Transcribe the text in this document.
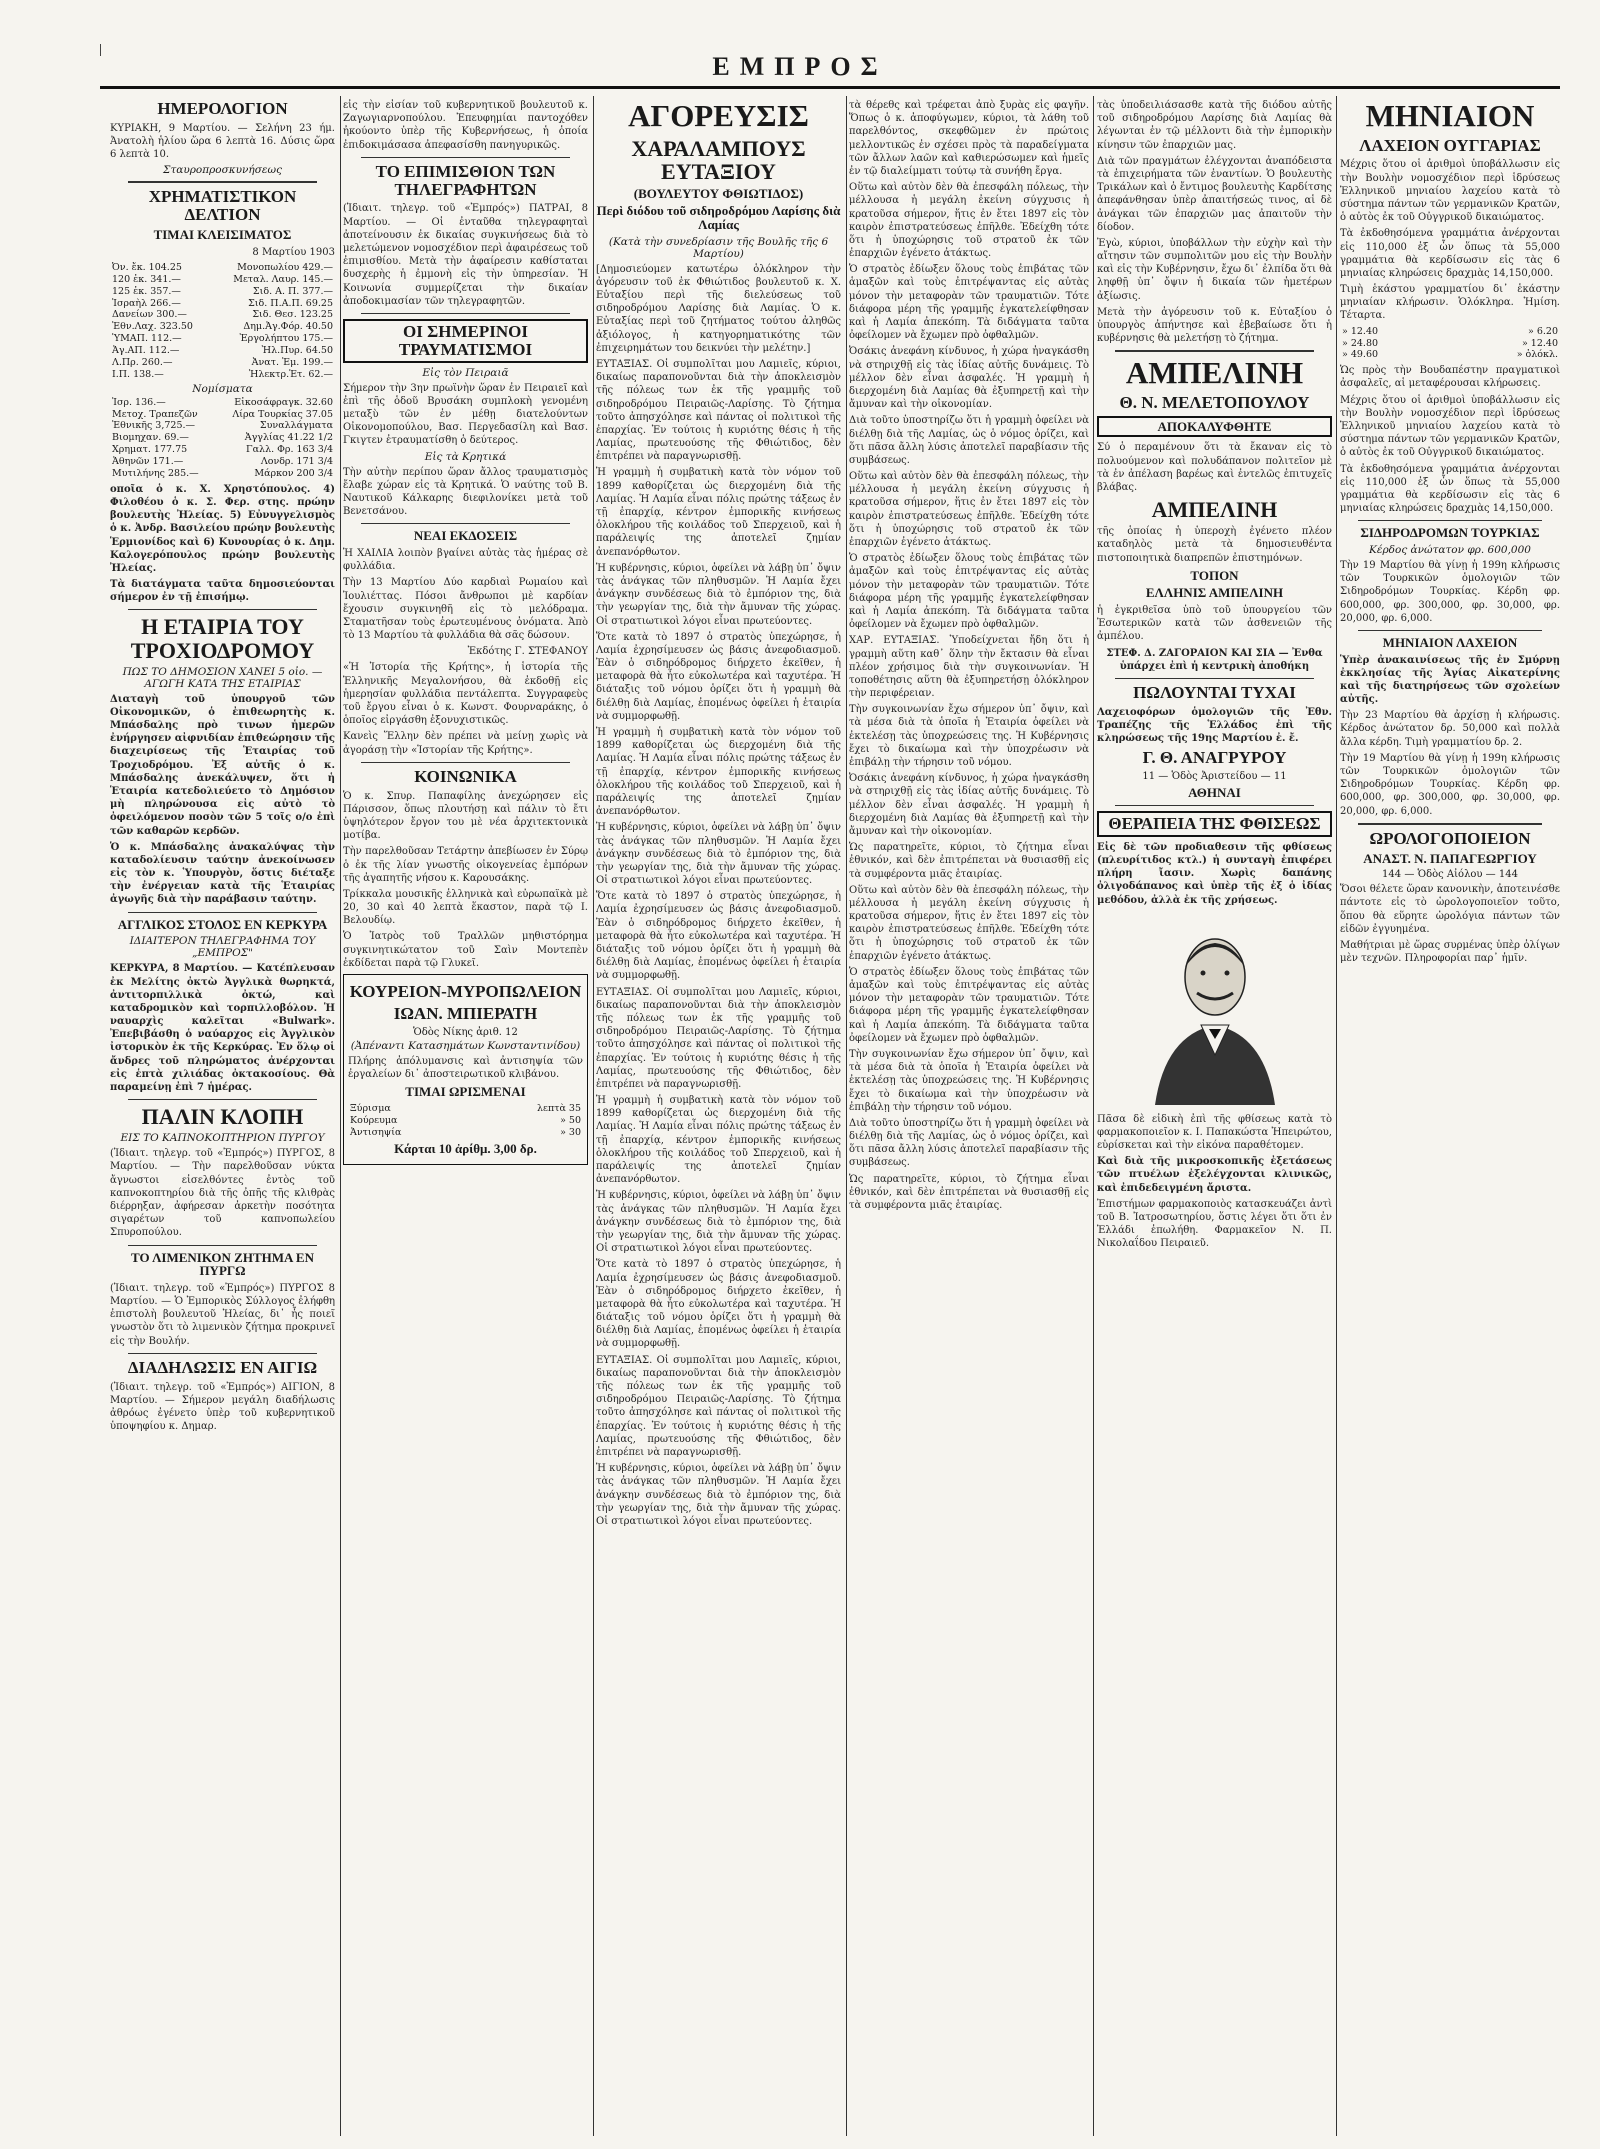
ΕΜΠΡΟΣ
ΗΜΕΡΟΛΟΓΙΟΝ
ΚΥΡΙΑΚΗ, 9 Μαρτίου. — Σελήνη 23 ήμ. Ἀνατολὴ ἡλίου ὥρα 6 λεπτὰ 16. Δύσις ὥρα 6 λεπτὰ 10.
Σταυροπροσκυνήσεως
ΧΡΗΜΑΤΙΣΤΙΚΟΝ ΔΕΛΤΙΟΝ
ΤΙΜΑΙ ΚΛΕΙΣΙΜΑΤΟΣ
8 Μαρτίου 1903
Ὀν. ἔκ. 104.25	Μονοπωλίου 429.—
120 ἐκ. 341.—	Μεταλ. Λαυρ. 145.—
125 ἐκ. 357.—	Σιδ. Α. Π. 377.—
Ἰσραὴλ 266.—	Σιδ. Π.Α.Π. 69.25
Δανείων 300.—	Σιδ. Θεσ. 123.25
Ἐθν.Λαχ. 323.50	Δημ.Ἀγ.Φόρ. 40.50
ὙΜΑΠ. 112.—	Ἐργολήπτου 175.—
Ἀγ.ΑΠ. 112.—	Ἠλ.Πυρ. 64.50
Λ.Πρ. 260.—	Ἀνατ. Ἐμ. 199.—
Ι.Π. 138.—	Ἠλεκτρ.Ἑτ. 62.—
Νομίσματα
Ἰσρ. 136.—	Εἰκοσάφραγκ. 32.60
Μετοχ. Τραπεζῶν	Λίρα Τουρκίας 37.05
Ἐθνικῆς 3,725.—	Συναλλάγματα
Βιομηχαν. 69.—	Ἀγγλίας 41.22 1/2
Χρηματ. 177.75	Γαλλ. Φρ. 163 3/4
Ἀθηνῶν 171.—	Λονδρ. 171 3/4
Μυτιλήνης 285.—	Μάρκον 200 3/4
οποῖα ὁ κ. Χ. Χρηστόπουλος. 4) Φιλοθέου ὁ κ. Σ. Φερ. στης. πρώην βουλευτὴς Ἠλείας. 5) Εὐνυγγελισμὸς ὁ κ. Ἀνδρ. Βασιλείου πρώην βουλευτὴς Ἑρμιονίδος καὶ 6) Κυνουρίας ὁ κ. Δημ. Καλογερόπουλος πρώην βουλευτὴς Ἠλείας.
Τὰ διατάγματα ταῦτα δημοσιεύονται σήμερον ἐν τῇ ἐπισήμῳ.
Η ΕΤΑΙΡΙΑ ΤΟΥ ΤΡΟΧΙΟΔΡΟΜΟΥ
ΠΩΣ ΤΟ ΔΗΜΟΣΙΟΝ ΧΑΝΕΙ 5 οἰο. — ΑΓΩΓΗ ΚΑΤΑ ΤΗΣ ΕΤΑΙΡΙΑΣ
Διαταγὴ τοῦ ὑπουργοῦ τῶν Οἰκονομικῶν, ὁ ἐπιθεωρητὴς κ. Μπάσδαλης πρὸ τινων ἡμερῶν ἐνήργησεν αἰφνιδίαν ἐπιθεώρησιν τῆς διαχειρίσεως τῆς Ἑταιρίας τοῦ Τροχιοδρόμου. Ἐξ αὐτῆς ὁ κ. Μπάσδαλης ἀνεκάλυψεν, ὅτι ἡ Ἑταιρία κατεδολιεύετο τὸ Δημόσιον μὴ πληρώνουσα εἰς αὐτὸ τὸ ὀφειλόμενον ποσὸν τῶν 5 τοῖς ο/ο ἐπὶ τῶν καθαρῶν κερδῶν.
Ὁ κ. Μπάσδαλης ἀνακαλύψας τὴν καταδολίευσιν ταύτην ἀνεκοίνωσεν εἰς τὸν κ. Ὑπουργὸν, ὅστις διέταξε τὴν ἐνέργειαν κατὰ τῆς Ἑταιρίας ἀγωγῆς διὰ τὴν παράβασιν ταύτην.
ΑΓΓΛΙΚΟΣ ΣΤΟΛΟΣ ΕΝ ΚΕΡΚΥΡΑ
ΙΔΙΑΙΤΕΡΟΝ ΤΗΛΕΓΡΑΦΗΜΑ ΤΟΥ „ΕΜΠΡΟΣ"
ΚΕΡΚΥΡΑ, 8 Μαρτίου. — Κατέπλευσαν ἐκ Μελίτης ὀκτὼ Ἀγγλικὰ θωρηκτά, ἀντιτορπιλλικὰ ὀκτώ, καὶ καταδρομικὸν καὶ τορπιλλοβόλον. Ἡ ναυαρχὶς καλεῖται «Bulwark». Ἐπεβιβάσθη ὁ ναύαρχος εἰς Ἀγγλικὸν ἰστορικὸν ἐκ τῆς Κερκύρας. Ἐν ὅλῳ οἱ ἄνδρες τοῦ πληρώματος ἀνέρχονται εἰς ἑπτὰ χιλιάδας ὀκτακοσίους. Θὰ παραμείνῃ ἐπὶ 7 ἡμέρας.
ΠΑΛΙΝ ΚΛΟΠΗ
ΕΙΣ ΤΟ ΚΑΠΝΟΚΟΠΤΗΡΙΟΝ ΠΥΡΓΟΥ
(Ἰδιαιτ. τηλεγρ. τοῦ «Ἐμπρός») ΠΥΡΓΟΣ, 8 Μαρτίου. — Τὴν παρελθοῦσαν νύκτα ἄγνωστοι εἰσελθόντες ἐντὸς τοῦ καπνοκοπτηρίου διὰ τῆς ὀπῆς τῆς κλιθρὰς διέρρηξαν, ἀφήρεσαν ἀρκετὴν ποσότητα σιγαρέτων τοῦ καπνοπωλείου Σπυροπούλου.
ΤΟ ΛΙΜΕΝΙΚΟΝ ΖΗΤΗΜΑ ΕΝ ΠΥΡΓΩ
(Ἰδιαιτ. τηλεγρ. τοῦ «Ἐμπρός») ΠΥΡΓΟΣ 8 Μαρτίου. — Ὁ Ἐμπορικὸς Σύλλογος ἐλήφθη ἐπιστολὴ βουλευτοῦ Ἠλείας, δι᾽ ἧς ποιεῖ γνωστὸν ὅτι τὸ λιμενικὸν ζήτημα προκρινεῖ εἰς τὴν Βουλήν.
ΔΙΑΔΗΛΩΣΙΣ ΕΝ ΑΙΓΙΩ
(Ἰδιαιτ. τηλεγρ. τοῦ «Ἐμπρός») ΑΙΓΙΟΝ, 8 Μαρτίου. — Σήμερον μεγάλη διαδήλωσις ἀθρόως ἐγένετο ὑπὲρ τοῦ κυβερνητικοῦ ὑποψηφίου κ. Δημαρ.
εἰς τὴν εἰσίαν τοῦ κυβερνητικοῦ βουλευτοῦ κ. Ζαγωγιαρνοπούλου. Ἐπευφημίαι παντοχόθεν ἠκούοντο ὑπὲρ τῆς Κυβερνήσεως, ἡ ὁποία ἐπιδοκιμάσασα ἀπεφασίσθη πανηγυρικῶς.
ΤΟ ΕΠΙΜΙΣΘΙΟΝ ΤΩΝ ΤΗΛΕΓΡΑΦΗΤΩΝ
(Ἰδιαιτ. τηλεγρ. τοῦ «Ἐμπρός») ΠΑΤΡΑΙ, 8 Μαρτίου. — Οἱ ἐνταῦθα τηλεγραφηταὶ ἀποτείνουσιν ἐκ δικαίας συγκινήσεως διὰ τὸ μελετώμενον νομοσχέδιον περὶ ἀφαιρέσεως τοῦ ἐπιμισθίου. Μετὰ τὴν ἀφαίρεσιν καθίσταται δυσχερὴς ἡ ἐμμονὴ εἰς τὴν ὑπηρεσίαν. Ἡ Κοινωνία συμμερίζεται τὴν δικαίαν ἀποδοκιμασίαν τῶν τηλεγραφητῶν.
ΟΙ ΣΗΜΕΡΙΝΟΙ ΤΡΑΥΜΑΤΙΣΜΟΙ
Εἰς τὸν Πειραιᾶ
Σήμερον τὴν 3ην πρωϊνὴν ὥραν ἐν Πειραιεῖ καὶ ἐπὶ τῆς ὁδοῦ Βρυσάκη συμπλοκὴ γενομένη μεταξὺ τῶν ἐν μέθῃ διατελούντων Οἰκονομοπούλου, Βασ. Περγεδασίλη καὶ Βασ. Γκιγτεν ἐτραυματίσθη ὁ δεύτερος.
Εἰς τὰ Κρητικά
Τὴν αὐτὴν περίπου ὥραν ἄλλος τραυματισμὸς ἔλαβε χώραν εἰς τὰ Κρητικά. Ὁ ναύτης τοῦ Β. Ναυτικοῦ Κάλκαρης διεφιλονίκει μετὰ τοῦ Βενετσάνου.
ΝΕΑΙ ΕΚΔΟΣΕΙΣ
Ἡ ΧΑΙΛΙΑ λοιπὸν βγαίνει αὐτὰς τὰς ἡμέρας σὲ φυλλάδια.
Τὴν 13 Μαρτίου Δύο καρδιαὶ Ρωμαίου καὶ Ἰουλιέττας. Πόσοι ἄνθρωποι μὲ καρδίαν ἔχουσιν συγκινηθῆ εἰς τὸ μελόδραμα. Σταματῆσαν τοὺς ἐρωτευμένους ὀνόματα. Ἀπὸ τὸ 13 Μαρτίου τὰ φυλλάδια θὰ σᾶς δώσουν.
Ἐκδότης Γ. ΣΤΕΦΑΝΟΥ
«Ἡ Ἱστορία τῆς Κρήτης», ἡ ἱστορία τῆς Ἑλληνικῆς Μεγαλονήσου, θὰ ἐκδοθῇ εἰς ἡμερησίαν φυλλάδια πεντάλεπτα. Συγγραφεὺς τοῦ ἔργου εἶναι ὁ κ. Κωνστ. Φουρναράκης, ὁ ὁποῖος εἰργάσθη ἐξονυχιστικῶς.
Κανεὶς Ἕλλην δὲν πρέπει νὰ μείνῃ χωρὶς νὰ ἀγοράσῃ τὴν «Ἱστορίαν τῆς Κρήτης».
ΚΟΙΝΩΝΙΚΑ
Ὁ κ. Σπυρ. Παπαφίλης ἀνεχώρησεν εἰς Πάρισσον, ὅπως πλουτήσῃ καὶ πάλιν τὸ ἔτι ὑψηλότερον ἔργον του μὲ νέα ἀρχιτεκτονικὰ μοτίβα.
Τὴν παρελθοῦσαν Τετάρτην ἀπεβίωσεν ἐν Σύρῳ ὁ ἐκ τῆς λίαν γνωστῆς οἰκογενείας ἐμπόρων τῆς ἀγαπητῆς νήσου κ. Καρουσάκης.
Τρίκκαλα μουσικῆς ἑλληνικὰ καὶ εὐρωπαϊκὰ μὲ 20, 30 καὶ 40 λεπτὰ ἕκαστον, παρὰ τῷ Ι. Βελουδίῳ.
Ὁ Ἰατρὸς τοῦ Τραλλῶν μηθιστόρημα συγκινητικώτατον τοῦ Σαὶν Μοντεπὲν ἐκδίδεται παρὰ τῷ Γλυκεῖ.
ΚΟΥΡΕΙΟΝ-ΜΥΡΟΠΩΛΕΙΟΝ
ΙΩΑΝ. ΜΠΙΕΡΑΤΗ
Ὁδὸς Νίκης ἀριθ. 12
(Ἀπέναντι Κατασημάτων Κωνσταντινίδου)
Πλήρης ἀπόλυμανσις καὶ ἀντισηψία τῶν ἐργαλείων δι᾽ ἀποστειρωτικοῦ κλιβάνου.
ΤΙΜΑΙ ΩΡΙΣΜΕΝΑΙ
Ξύρισμα	λεπτὰ 35
Κούρευμα	» 50
Ἀντισηψία	» 30
Κάρται 10 ἀρίθμ. 3,00 δρ.
ΑΓΟΡΕΥΣΙΣ
ΧΑΡΑΛΑΜΠΟΥΣ ΕΥΤΑΞΙΟΥ
(ΒΟΥΛΕΥΤΟΥ ΦΘΙΩΤΙΔΟΣ)
Περὶ διόδου τοῦ σιδηροδρόμου Λαρίσης διὰ Λαμίας
(Κατὰ τὴν συνεδρίασιν τῆς Βουλῆς τῆς 6 Μαρτίου)
[Δημοσιεύομεν κατωτέρω ὁλόκληρον τὴν ἀγόρευσιν τοῦ ἐκ Φθιώτιδος βουλευτοῦ κ. Χ. Εὐταξίου περὶ τῆς διελεύσεως τοῦ σιδηροδρόμου Λαρίσης διὰ Λαμίας. Ὁ κ. Εὐταξίας περὶ τοῦ ζητήματος τούτου ἀληθῶς ἀξιόλογος, ἡ κατηγορηματικότης τῶν ἐπιχειρημάτων του δεικνύει τὴν μελέτην.]
ΕΥΤΑΞΙΑΣ. Οἱ συμπολῖται μου Λαμιεῖς, κύριοι, δικαίως παραπονοῦνται διὰ τὴν ἀποκλεισμὸν τῆς πόλεως των ἐκ τῆς γραμμῆς τοῦ σιδηροδρόμου Πειραιῶς-Λαρίσης. Τὸ ζήτημα τοῦτο ἀπησχόλησε καὶ πάντας οἱ πολιτικοὶ τῆς ἐπαρχίας. Ἐν τούτοις ἡ κυριότης θέσις ἡ τῆς Λαμίας, πρωτευούσης τῆς Φθιώτιδος, δὲν ἐπιτρέπει νὰ παραγνωρισθῇ.
Ἡ γραμμὴ ἡ συμβατικὴ κατὰ τὸν νόμον τοῦ 1899 καθορίζεται ὡς διερχομένη διὰ τῆς Λαμίας. Ἡ Λαμία εἶναι πόλις πρώτης τάξεως ἐν τῇ ἐπαρχίᾳ, κέντρον ἐμπορικῆς κινήσεως ὁλοκλήρου τῆς κοιλάδος τοῦ Σπερχειοῦ, καὶ ἡ παράλειψίς της ἀποτελεῖ ζημίαν ἀνεπανόρθωτον.
Ἡ κυβέρνησις, κύριοι, ὀφείλει νὰ λάβῃ ὑπ᾽ ὄψιν τὰς ἀνάγκας τῶν πληθυσμῶν. Ἡ Λαμία ἔχει ἀνάγκην συνδέσεως διὰ τὸ ἐμπόριον της, διὰ τὴν γεωργίαν της, διὰ τὴν ἄμυναν τῆς χώρας. Οἱ στρατιωτικοὶ λόγοι εἶναι πρωτεύοντες.
Ὅτε κατὰ τὸ 1897 ὁ στρατὸς ὑπεχώρησε, ἡ Λαμία ἐχρησίμευσεν ὡς βάσις ἀνεφοδιασμοῦ. Ἐὰν ὁ σιδηρόδρομος διήρχετο ἐκεῖθεν, ἡ μεταφορὰ θὰ ἦτο εὐκολωτέρα καὶ ταχυτέρα. Ἡ διάταξις τοῦ νόμου ὁρίζει ὅτι ἡ γραμμὴ θὰ διέλθῃ διὰ Λαμίας, ἐπομένως ὀφείλει ἡ ἑταιρία νὰ συμμορφωθῇ.
Ἡ γραμμὴ ἡ συμβατικὴ κατὰ τὸν νόμον τοῦ 1899 καθορίζεται ὡς διερχομένη διὰ τῆς Λαμίας. Ἡ Λαμία εἶναι πόλις πρώτης τάξεως ἐν τῇ ἐπαρχίᾳ, κέντρον ἐμπορικῆς κινήσεως ὁλοκλήρου τῆς κοιλάδος τοῦ Σπερχειοῦ, καὶ ἡ παράλειψίς της ἀποτελεῖ ζημίαν ἀνεπανόρθωτον.
Ἡ κυβέρνησις, κύριοι, ὀφείλει νὰ λάβῃ ὑπ᾽ ὄψιν τὰς ἀνάγκας τῶν πληθυσμῶν. Ἡ Λαμία ἔχει ἀνάγκην συνδέσεως διὰ τὸ ἐμπόριον της, διὰ τὴν γεωργίαν της, διὰ τὴν ἄμυναν τῆς χώρας. Οἱ στρατιωτικοὶ λόγοι εἶναι πρωτεύοντες.
Ὅτε κατὰ τὸ 1897 ὁ στρατὸς ὑπεχώρησε, ἡ Λαμία ἐχρησίμευσεν ὡς βάσις ἀνεφοδιασμοῦ. Ἐὰν ὁ σιδηρόδρομος διήρχετο ἐκεῖθεν, ἡ μεταφορὰ θὰ ἦτο εὐκολωτέρα καὶ ταχυτέρα. Ἡ διάταξις τοῦ νόμου ὁρίζει ὅτι ἡ γραμμὴ θὰ διέλθῃ διὰ Λαμίας, ἐπομένως ὀφείλει ἡ ἑταιρία νὰ συμμορφωθῇ.
ΕΥΤΑΞΙΑΣ. Οἱ συμπολῖται μου Λαμιεῖς, κύριοι, δικαίως παραπονοῦνται διὰ τὴν ἀποκλεισμὸν τῆς πόλεως των ἐκ τῆς γραμμῆς τοῦ σιδηροδρόμου Πειραιῶς-Λαρίσης. Τὸ ζήτημα τοῦτο ἀπησχόλησε καὶ πάντας οἱ πολιτικοὶ τῆς ἐπαρχίας. Ἐν τούτοις ἡ κυριότης θέσις ἡ τῆς Λαμίας, πρωτευούσης τῆς Φθιώτιδος, δὲν ἐπιτρέπει νὰ παραγνωρισθῇ.
Ἡ γραμμὴ ἡ συμβατικὴ κατὰ τὸν νόμον τοῦ 1899 καθορίζεται ὡς διερχομένη διὰ τῆς Λαμίας. Ἡ Λαμία εἶναι πόλις πρώτης τάξεως ἐν τῇ ἐπαρχίᾳ, κέντρον ἐμπορικῆς κινήσεως ὁλοκλήρου τῆς κοιλάδος τοῦ Σπερχειοῦ, καὶ ἡ παράλειψίς της ἀποτελεῖ ζημίαν ἀνεπανόρθωτον.
Ἡ κυβέρνησις, κύριοι, ὀφείλει νὰ λάβῃ ὑπ᾽ ὄψιν τὰς ἀνάγκας τῶν πληθυσμῶν. Ἡ Λαμία ἔχει ἀνάγκην συνδέσεως διὰ τὸ ἐμπόριον της, διὰ τὴν γεωργίαν της, διὰ τὴν ἄμυναν τῆς χώρας. Οἱ στρατιωτικοὶ λόγοι εἶναι πρωτεύοντες.
Ὅτε κατὰ τὸ 1897 ὁ στρατὸς ὑπεχώρησε, ἡ Λαμία ἐχρησίμευσεν ὡς βάσις ἀνεφοδιασμοῦ. Ἐὰν ὁ σιδηρόδρομος διήρχετο ἐκεῖθεν, ἡ μεταφορὰ θὰ ἦτο εὐκολωτέρα καὶ ταχυτέρα. Ἡ διάταξις τοῦ νόμου ὁρίζει ὅτι ἡ γραμμὴ θὰ διέλθῃ διὰ Λαμίας, ἐπομένως ὀφείλει ἡ ἑταιρία νὰ συμμορφωθῇ.
ΕΥΤΑΞΙΑΣ. Οἱ συμπολῖται μου Λαμιεῖς, κύριοι, δικαίως παραπονοῦνται διὰ τὴν ἀποκλεισμὸν τῆς πόλεως των ἐκ τῆς γραμμῆς τοῦ σιδηροδρόμου Πειραιῶς-Λαρίσης. Τὸ ζήτημα τοῦτο ἀπησχόλησε καὶ πάντας οἱ πολιτικοὶ τῆς ἐπαρχίας. Ἐν τούτοις ἡ κυριότης θέσις ἡ τῆς Λαμίας, πρωτευούσης τῆς Φθιώτιδος, δὲν ἐπιτρέπει νὰ παραγνωρισθῇ.
Ἡ κυβέρνησις, κύριοι, ὀφείλει νὰ λάβῃ ὑπ᾽ ὄψιν τὰς ἀνάγκας τῶν πληθυσμῶν. Ἡ Λαμία ἔχει ἀνάγκην συνδέσεως διὰ τὸ ἐμπόριον της, διὰ τὴν γεωργίαν της, διὰ τὴν ἄμυναν τῆς χώρας. Οἱ στρατιωτικοὶ λόγοι εἶναι πρωτεύοντες.
τὰ θέρεθς καὶ τρέφεται ἀπὸ ξυρὰς εἰς φαγῆν. Ὅπως ὁ κ. ἀποφύγωμεν, κύριοι, τὰ λάθη τοῦ παρελθόντος, σκεφθῶμεν ἐν πρώτοις μελλοντικῶς ἐν σχέσει πρὸς τὰ παραδείγματα τῶν ἄλλων λαῶν καὶ καθιερώσωμεν καὶ ἡμεῖς ἐν τῷ διαλείμματι τούτῳ τὰ συνήθη ἔργα.
Οὕτω καὶ αὐτὸν δὲν θὰ ἐπεσφάλη πόλεως, τὴν μέλλουσα ἡ μεγάλη ἐκείνη σύγχυσις ἡ κρατοῦσα σήμερον, ἥτις ἐν ἔτει 1897 εἰς τὸν καιρὸν ἐπιστρατεύσεως ἐπῆλθε. Ἐδείχθη τότε ὅτι ἡ ὑποχώρησις τοῦ στρατοῦ ἐκ τῶν ἐπαρχιῶν ἐγένετο ἀτάκτως.
Ὁ στρατὸς ἐδίωξεν ὅλους τοὺς ἐπιβάτας τῶν ἁμαξῶν καὶ τοὺς ἐπιτρέψαντας εἰς αὐτὰς μόνον τὴν μεταφορὰν τῶν τραυματιῶν. Τότε διάφορα μέρη τῆς γραμμῆς ἐγκατελείφθησαν καὶ ἡ Λαμία ἀπεκόπη. Τὰ διδάγματα ταῦτα ὀφείλομεν νὰ ἔχωμεν πρὸ ὀφθαλμῶν.
Ὀσάκις ἀνεφάνη κίνδυνος, ἡ χώρα ἠναγκάσθη νὰ στηριχθῇ εἰς τὰς ἰδίας αὐτῆς δυνάμεις. Τὸ μέλλον δὲν εἶναι ἀσφαλές. Ἡ γραμμὴ ἡ διερχομένη διὰ Λαμίας θὰ ἐξυπηρετῇ καὶ τὴν ἄμυναν καὶ τὴν οἰκονομίαν.
Διὰ τοῦτο ὑποστηρίζω ὅτι ἡ γραμμὴ ὀφείλει νὰ διέλθῃ διὰ τῆς Λαμίας, ὡς ὁ νόμος ὁρίζει, καὶ ὅτι πᾶσα ἄλλη λύσις ἀποτελεῖ παραβίασιν τῆς συμβάσεως.
Οὕτω καὶ αὐτὸν δὲν θὰ ἐπεσφάλη πόλεως, τὴν μέλλουσα ἡ μεγάλη ἐκείνη σύγχυσις ἡ κρατοῦσα σήμερον, ἥτις ἐν ἔτει 1897 εἰς τὸν καιρὸν ἐπιστρατεύσεως ἐπῆλθε. Ἐδείχθη τότε ὅτι ἡ ὑποχώρησις τοῦ στρατοῦ ἐκ τῶν ἐπαρχιῶν ἐγένετο ἀτάκτως.
Ὁ στρατὸς ἐδίωξεν ὅλους τοὺς ἐπιβάτας τῶν ἁμαξῶν καὶ τοὺς ἐπιτρέψαντας εἰς αὐτὰς μόνον τὴν μεταφορὰν τῶν τραυματιῶν. Τότε διάφορα μέρη τῆς γραμμῆς ἐγκατελείφθησαν καὶ ἡ Λαμία ἀπεκόπη. Τὰ διδάγματα ταῦτα ὀφείλομεν νὰ ἔχωμεν πρὸ ὀφθαλμῶν.
ΧΑΡ. ΕΥΤΑΞΙΑΣ. Ὑποδείχνεται ἤδη ὅτι ἡ γραμμὴ αὕτη καθ᾽ ὅλην τὴν ἔκτασιν θὰ εἶναι πλέον χρήσιμος διὰ τὴν συγκοινωνίαν. Ἡ τοποθέτησις αὕτη θὰ ἐξυπηρετήσῃ ὁλόκληρον τὴν περιφέρειαν.
Τὴν συγκοινωνίαν ἔχω σήμερον ὑπ᾽ ὄψιν, καὶ τὰ μέσα διὰ τὰ ὁποῖα ἡ Ἑταιρία ὀφείλει νὰ ἐκτελέσῃ τὰς ὑποχρεώσεις της. Ἡ Κυβέρνησις ἔχει τὸ δικαίωμα καὶ τὴν ὑποχρέωσιν νὰ ἐπιβάλῃ τὴν τήρησιν τοῦ νόμου.
Ὀσάκις ἀνεφάνη κίνδυνος, ἡ χώρα ἠναγκάσθη νὰ στηριχθῇ εἰς τὰς ἰδίας αὐτῆς δυνάμεις. Τὸ μέλλον δὲν εἶναι ἀσφαλές. Ἡ γραμμὴ ἡ διερχομένη διὰ Λαμίας θὰ ἐξυπηρετῇ καὶ τὴν ἄμυναν καὶ τὴν οἰκονομίαν.
Ὡς παρατηρεῖτε, κύριοι, τὸ ζήτημα εἶναι ἐθνικόν, καὶ δὲν ἐπιτρέπεται νὰ θυσιασθῇ εἰς τὰ συμφέροντα μιᾶς ἑταιρίας.
Οὕτω καὶ αὐτὸν δὲν θὰ ἐπεσφάλη πόλεως, τὴν μέλλουσα ἡ μεγάλη ἐκείνη σύγχυσις ἡ κρατοῦσα σήμερον, ἥτις ἐν ἔτει 1897 εἰς τὸν καιρὸν ἐπιστρατεύσεως ἐπῆλθε. Ἐδείχθη τότε ὅτι ἡ ὑποχώρησις τοῦ στρατοῦ ἐκ τῶν ἐπαρχιῶν ἐγένετο ἀτάκτως.
Ὁ στρατὸς ἐδίωξεν ὅλους τοὺς ἐπιβάτας τῶν ἁμαξῶν καὶ τοὺς ἐπιτρέψαντας εἰς αὐτὰς μόνον τὴν μεταφορὰν τῶν τραυματιῶν. Τότε διάφορα μέρη τῆς γραμμῆς ἐγκατελείφθησαν καὶ ἡ Λαμία ἀπεκόπη. Τὰ διδάγματα ταῦτα ὀφείλομεν νὰ ἔχωμεν πρὸ ὀφθαλμῶν.
Τὴν συγκοινωνίαν ἔχω σήμερον ὑπ᾽ ὄψιν, καὶ τὰ μέσα διὰ τὰ ὁποῖα ἡ Ἑταιρία ὀφείλει νὰ ἐκτελέσῃ τὰς ὑποχρεώσεις της. Ἡ Κυβέρνησις ἔχει τὸ δικαίωμα καὶ τὴν ὑποχρέωσιν νὰ ἐπιβάλῃ τὴν τήρησιν τοῦ νόμου.
Διὰ τοῦτο ὑποστηρίζω ὅτι ἡ γραμμὴ ὀφείλει νὰ διέλθῃ διὰ τῆς Λαμίας, ὡς ὁ νόμος ὁρίζει, καὶ ὅτι πᾶσα ἄλλη λύσις ἀποτελεῖ παραβίασιν τῆς συμβάσεως.
Ὡς παρατηρεῖτε, κύριοι, τὸ ζήτημα εἶναι ἐθνικόν, καὶ δὲν ἐπιτρέπεται νὰ θυσιασθῇ εἰς τὰ συμφέροντα μιᾶς ἑταιρίας.
τὰς ὑποδειλιάσασθε κατὰ τῆς διόδου αὐτῆς τοῦ σιδηροδρόμου Λαρίσης διὰ Λαμίας θὰ λέγωνται ἐν τῷ μέλλοντι διὰ τὴν ἐμπορικὴν κίνησιν τῶν ἐπαρχιῶν μας.
Διὰ τῶν πραγμάτων ἐλέγχονται ἀναπόδειστα τὰ ἐπιχειρήματα τῶν ἐναντίων. Ὁ βουλευτὴς Τρικάλων καὶ ὁ ἔντιμος βουλευτὴς Καρδίτσης ἀπεφάνθησαν ὑπὲρ ἀπαιτήσεώς τινος, αἱ δὲ ἀνάγκαι τῶν ἐπαρχιῶν μας ἀπαιτοῦν τὴν δίοδον.
Ἐγὼ, κύριοι, ὑποβάλλων τὴν εὐχὴν καὶ τὴν αἴτησιν τῶν συμπολιτῶν μου εἰς τὴν Βουλὴν καὶ εἰς τὴν Κυβέρνησιν, ἔχω δι᾽ ἐλπίδα ὅτι θὰ ληφθῇ ὑπ᾽ ὄψιν ἡ δικαία τῶν ἡμετέρων ἀξίωσις.
Μετὰ τὴν ἀγόρευσιν τοῦ κ. Εὐταξίου ὁ ὑπουργὸς ἀπήντησε καὶ ἐβεβαίωσε ὅτι ἡ κυβέρνησις θὰ μελετήσῃ τὸ ζήτημα.
ΑΜΠΕΛΙΝΗ
Θ. Ν. ΜΕΛΕΤΟΠΟΥΛΟΥ
ΑΠΟΚΑΛΥΦΘΗΤΕ
Σύ ὁ περαμένουν ὅτι τὰ ἔκαναν εἰς τὸ πολυούμενον καὶ πολυδάπανον πολιτεῖον μὲ τὰ ἐν ἀπέλαση βαρέως καὶ ἐντελῶς ἐπιτυχεῖς βλάβας.
ΑΜΠΕΛΙΝΗ
τῆς ὁποίας ἡ ὑπεροχὴ ἐγένετο πλέον καταδηλὸς μετὰ τὰ δημοσιευθέντα πιστοποιητικὰ διαπρεπῶν ἐπιστημόνων.
ΤΟΠΟΝ
ΕΛΛΗΝΙΣ ΑΜΠΕΛΙΝΗ
ἡ ἐγκριθεῖσα ὑπὸ τοῦ ὑπουργείου τῶν Ἐσωτερικῶν κατὰ τῶν ἀσθενειῶν τῆς ἀμπέλου.
ΣΤΕΦ. Δ. ΖΑΓΟΡΑΙΟΝ ΚΑΙ ΣΙΑ — Ἐνθα ὑπάρχει ἐπὶ ἡ κεντρικὴ ἀποθήκη
ΠΩΛΟΥΝΤΑΙ ΤΥΧΑΙ
Λαχειοφόρων ὁμολογιῶν τῆς Ἐθν. Τραπέζης τῆς Ἑλλάδος ἐπὶ τῆς κληρώσεως τῆς 19ης Μαρτίου ἐ. ἔ.
Γ. Θ. ΑΝΑΓΡΥΡΟΥ
11 — Ὁδὸς Ἀριστείδου — 11
ΑΘΗΝΑΙ
ΘΕΡΑΠΕΙΑ ΤΗΣ ΦΘΙΣΕΩΣ
Εἰς δὲ τῶν προδιαθεσιν τῆς φθίσεως (πλευρίτιδος κτλ.) ἡ συνταγὴ ἐπιφέρει πλήρη ἴασιν. Χωρὶς δαπάνης ὀλιγοδάπανος καὶ ὑπὲρ τῆς ἐξ ὁ ἰδίας μεθόδου, ἀλλὰ ἐκ τῆς χρήσεως.
Πᾶσα δὲ εἰδικὴ ἐπὶ τῆς φθίσεως κατὰ τὸ φαρμακοποιεῖον κ. Ι. Παπακώστα Ἠπειρώτου, εὑρίσκεται καὶ τὴν εἰκόνα παραθέτομεν.
Καὶ διὰ τῆς μικροσκοπικῆς ἐξετάσεως τῶν πτυέλων ἐξελέγχονται κλινικῶς, καὶ ἐπιδεδειγμένη ἄριστα.
Ἐπιστήμων φαρμακοποιὸς κατασκευάζει ἀντὶ τοῦ Β. Ἰατροσωτηρίου, ὅστις λέγει ὅτι ὅτι ἐν Ἑλλάδι ἐπωλήθη. Φαρμακεῖον Ν. Π. Νικολαΐδου Πειραιεῦ.
ΜΗΝΙΑΙΟΝ
ΛΑΧΕΙΟΝ ΟΥΓΓΑΡΙΑΣ
Μέχρις ὅτου οἱ ἀριθμοὶ ὑποβάλλωσιν εἰς τὴν Βουλὴν νομοσχέδιον περὶ ἱδρύσεως Ἑλληνικοῦ μηνιαίου λαχείου κατὰ τὸ σύστημα πάντων τῶν γερμανικῶν Κρατῶν, ὁ αὐτὸς ἐκ τοῦ Οὐγγρικοῦ δικαιώματος.
Τὰ ἐκδοθησόμενα γραμμάτια ἀνέρχονται εἰς 110,000 ἐξ ὧν ὅπως τὰ 55,000 γραμμάτια θὰ κερδίσωσιν εἰς τὰς 6 μηνιαίας κληρώσεις δραχμὰς 14,150,000.
Τιμὴ ἑκάστου γραμματίου δι᾽ ἑκάστην μηνιαίαν κλήρωσιν. Ὁλόκληρα. Ἡμίση. Τέταρτα.
» 12.40	» 6.20
» 24.80	» 12.40
» 49.60	» ὁλόκλ.
Ὡς πρὸς τὴν Βουδαπέστην πραγματικοὶ ἀσφαλεῖς, αἱ μεταφέρουσαι κλήρωσεις.
Μέχρις ὅτου οἱ ἀριθμοὶ ὑποβάλλωσιν εἰς τὴν Βουλὴν νομοσχέδιον περὶ ἱδρύσεως Ἑλληνικοῦ μηνιαίου λαχείου κατὰ τὸ σύστημα πάντων τῶν γερμανικῶν Κρατῶν, ὁ αὐτὸς ἐκ τοῦ Οὐγγρικοῦ δικαιώματος.
Τὰ ἐκδοθησόμενα γραμμάτια ἀνέρχονται εἰς 110,000 ἐξ ὧν ὅπως τὰ 55,000 γραμμάτια θὰ κερδίσωσιν εἰς τὰς 6 μηνιαίας κληρώσεις δραχμὰς 14,150,000.
ΣΙΔΗΡΟΔΡΟΜΩΝ ΤΟΥΡΚΙΑΣ
Κέρδος ἀνώτατον φρ. 600,000
Τὴν 19 Μαρτίου θὰ γίνῃ ἡ 199η κλήρωσις τῶν Τουρκικῶν ὁμολογιῶν τῶν Σιδηροδρόμων Τουρκίας. Κέρδη φρ. 600,000, φρ. 300,000, φρ. 30,000, φρ. 20,000, φρ. 6,000.
ΜΗΝΙΑΙΟΝ ΛΑΧΕΙΟΝ
Ὑπὲρ ἀνακαινίσεως τῆς ἐν Σμύρνῃ ἐκκλησίας τῆς Ἁγίας Αἰκατερίνης καὶ τῆς διατηρήσεως τῶν σχολείων αὐτῆς.
Τὴν 23 Μαρτίου θὰ ἀρχίσῃ ἡ κλήρωσις. Κέρδος ἀνώτατον δρ. 50,000 καὶ πολλὰ ἄλλα κέρδη. Τιμὴ γραμματίου δρ. 2.
Τὴν 19 Μαρτίου θὰ γίνῃ ἡ 199η κλήρωσις τῶν Τουρκικῶν ὁμολογιῶν τῶν Σιδηροδρόμων Τουρκίας. Κέρδη φρ. 600,000, φρ. 300,000, φρ. 30,000, φρ. 20,000, φρ. 6,000.
ΩΡΟΛΟΓΟΠΟΙΕΙΟΝ
ΑΝΑΣΤ. Ν. ΠΑΠΑΓΕΩΡΓΙΟΥ
144 — Ὁδὸς Αἰόλου — 144
Ὅσοι θέλετε ὥραν κανονικὴν, ἀποτεινέσθε πάντοτε εἰς τὸ ὡρολογοποιεῖον τοῦτο, ὅπου θὰ εὕρητε ὡρολόγια πάντων τῶν εἰδῶν ἐγγυημένα.
Μαθήτριαι μὲ ὥρας συρμένας ὑπὲρ ὀλίγων μὲν τεχνῶν. Πληροφορίαι παρ᾽ ἡμῖν.
